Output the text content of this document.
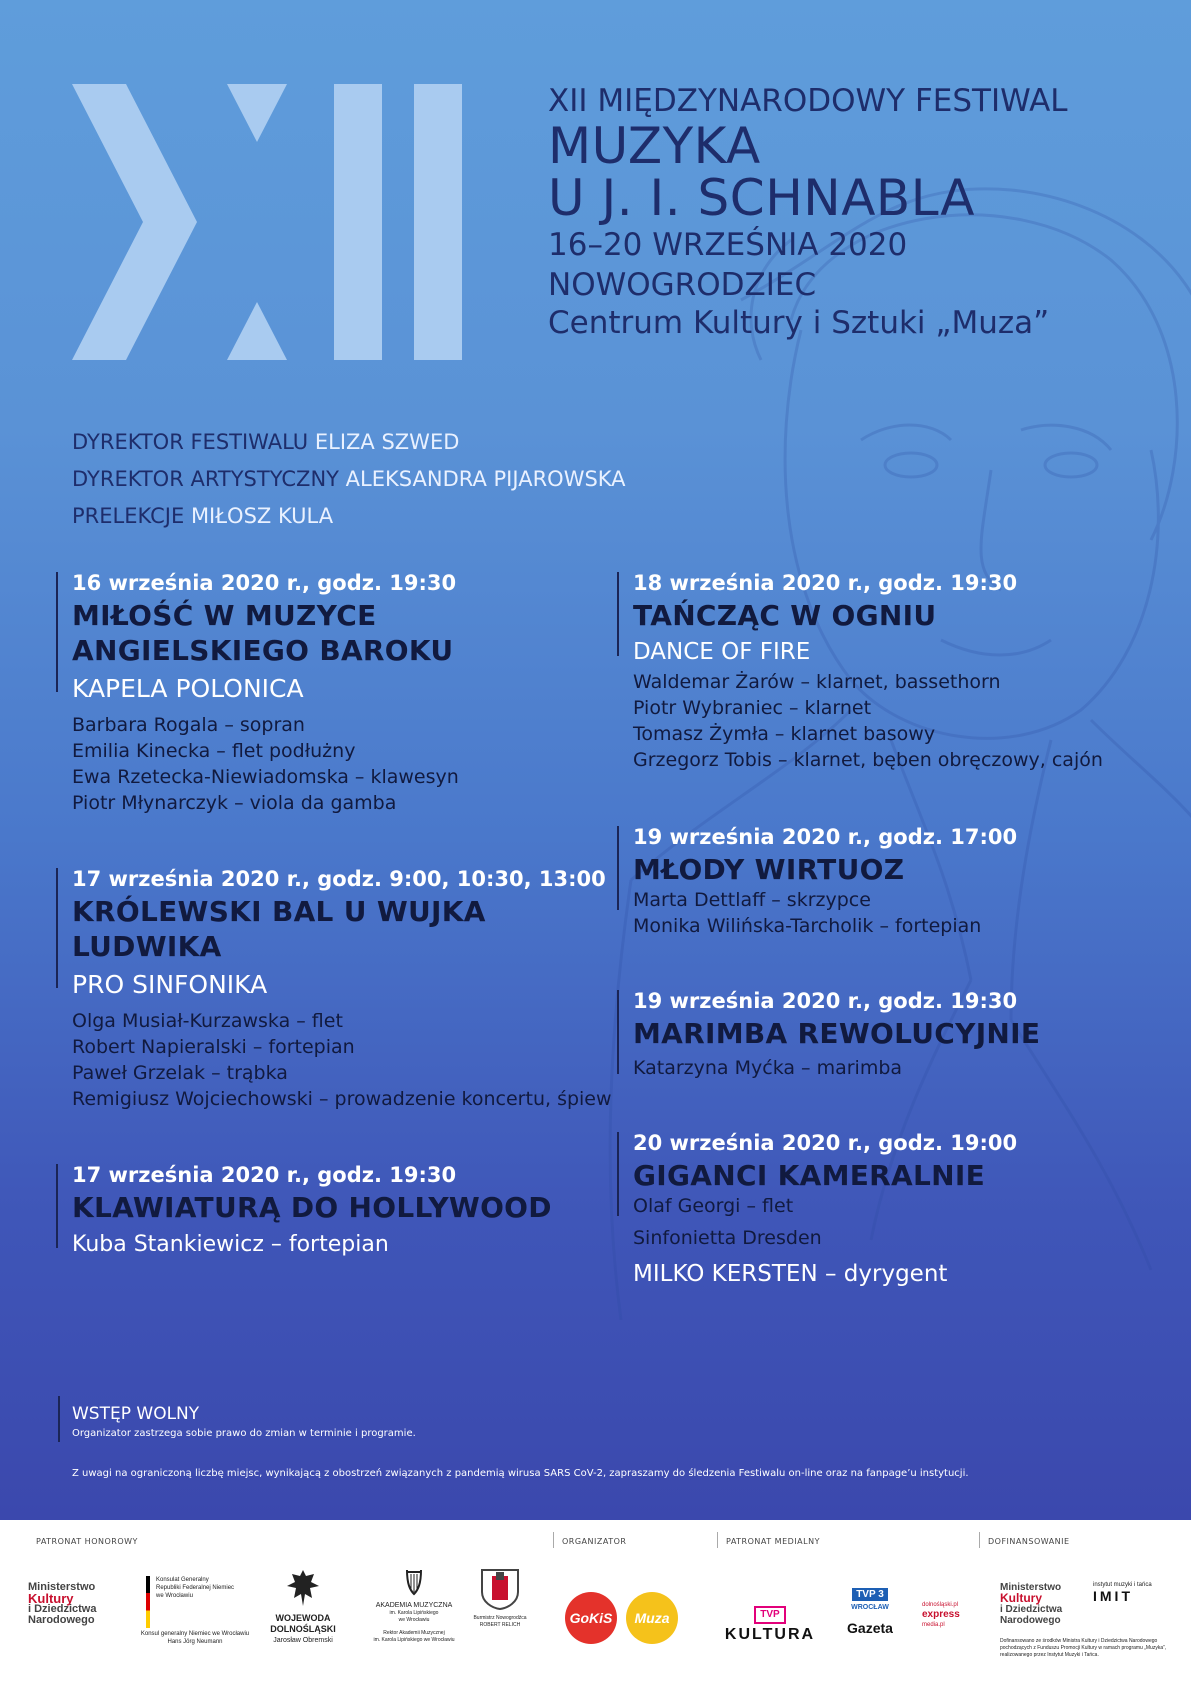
XII MIĘDZYNARODOWY FESTIWAL
MUZYKA
U J. I. SCHNABLA
16–20 WRZEŚNIA 2020
NOWOGRODZIEC
Centrum Kultury i Sztuki „Muza”
DYREKTOR FESTIWALU ELIZA SZWED
DYREKTOR ARTYSTYCZNY ALEKSANDRA PIJAROWSKA
PRELEKCJE MIŁOSZ KULA
16 września 2020 r., godz. 19:30
MIŁOŚĆ W MUZYCE
ANGIELSKIEGO BAROKU
KAPELA POLONICA
Barbara Rogala – sopran
Emilia Kinecka – flet podłużny
Ewa Rzetecka-Niewiadomska – klawesyn
Piotr Młynarczyk – viola da gamba
17 września 2020 r., godz. 9:00, 10:30, 13:00
KRÓLEWSKI BAL U WUJKA
LUDWIKA
PRO SINFONIKA
Olga Musiał-Kurzawska – flet
Robert Napieralski – fortepian
Paweł Grzelak – trąbka
Remigiusz Wojciechowski – prowadzenie koncertu, śpiew
17 września 2020 r., godz. 19:30
KLAWIATURĄ DO HOLLYWOOD
Kuba Stankiewicz – fortepian
18 września 2020 r., godz. 19:30
TAŃCZĄC W OGNIU
DANCE OF FIRE
Waldemar Żarów – klarnet, bassethorn
Piotr Wybraniec – klarnet
Tomasz Żymła – klarnet basowy
Grzegorz Tobis – klarnet, bęben obręczowy, cajón
19 września 2020 r., godz. 17:00
MŁODY WIRTUOZ
Marta Dettlaff – skrzypce
Monika Wilińska-Tarcholik – fortepian
19 września 2020 r., godz. 19:30
MARIMBA REWOLUCYJNIE
Katarzyna Myćka – marimba
20 września 2020 r., godz. 19:00
GIGANCI KAMERALNIE
Olaf Georgi – flet
Sinfonietta Dresden
MILKO KERSTEN – dyrygent
WSTĘP WOLNY
Organizator zastrzega sobie prawo do zmian w terminie i programie.
Z uwagi na ograniczoną liczbę miejsc, wynikającą z obostrzeń związanych z pandemią wirusa SARS CoV-2, zapraszamy do śledzenia Festiwalu on-line oraz na fanpage’u instytucji.
PATRONAT HONOROWY	ORGANIZATOR	PATRONAT MEDIALNY	DOFINANSOWANIE
Ministerstwo
Kultury
i Dziedzictwa
Narodowego
Konsulat Generalny
Republiki Federalnej Niemiec
we Wrocławiu
Konsul generalny Niemiec we Wrocławiu
Hans Jörg Neumann
WOJEWODA
DOLNOŚLĄSKI
Jarosław Obremski
AKADEMIA MUZYCZNA
im. Karola Lipińskiego
we Wrocławiu
Rektor Akademii Muzycznej
im. Karola Lipińskiego we Wrocławiu
Burmistrz Nowogrodźca
ROBERT RELICH	GoKiS	Muza	TVP
KULTURA
TVP 3
WROCŁAW
Gazeta
dolnośląski.pl
express
media.pl
Ministerstwo
Kultury
i Dziedzictwa
Narodowego
instytut muzyki i tańca
IMIT
Dofinansowano ze środków Ministra Kultury i Dziedzictwa Narodowego pochodzących z Funduszu Promocji Kultury w ramach programu „Muzyka”, realizowanego przez Instytut Muzyki i Tańca.
